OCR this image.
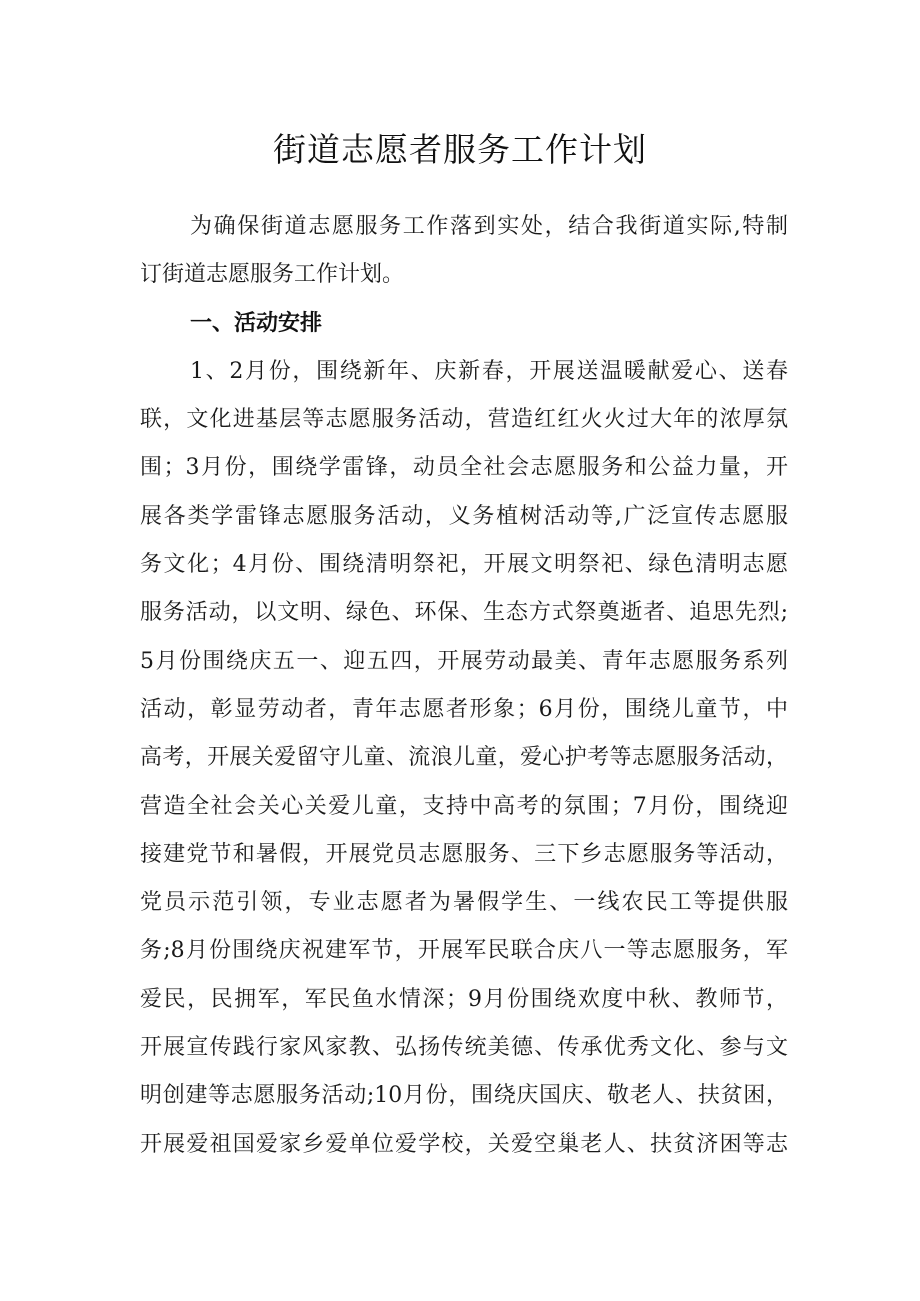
街道志愿者服务工作计划
为确保街道志愿服务工作落到实处，结合我街道实际,特制
订街道志愿服务工作计划。
一、活动安排
1、2月份，围绕新年、庆新春，开展送温暖献爱心、送春
联，文化进基层等志愿服务活动，营造红红火火过大年的浓厚氛
围；3月份，围绕学雷锋，动员全社会志愿服务和公益力量，开
展各类学雷锋志愿服务活动，义务植树活动等,广泛宣传志愿服
务文化；4月份、围绕清明祭祀，开展文明祭祀、绿色清明志愿
服务活动，以文明、绿色、环保、生态方式祭奠逝者、追思先烈;
5月份围绕庆五一、迎五四，开展劳动最美、青年志愿服务系列
活动，彰显劳动者，青年志愿者形象；6月份，围绕儿童节，中
高考，开展关爱留守儿童、流浪儿童，爱心护考等志愿服务活动，
营造全社会关心关爱儿童，支持中高考的氛围；7月份，围绕迎
接建党节和暑假，开展党员志愿服务、三下乡志愿服务等活动，
党员示范引领，专业志愿者为暑假学生、一线农民工等提供服
务;8月份围绕庆祝建军节，开展军民联合庆八一等志愿服务，军
爱民，民拥军，军民鱼水情深；9月份围绕欢度中秋、教师节，
开展宣传践行家风家教、弘扬传统美德、传承优秀文化、参与文
明创建等志愿服务活动;10月份，围绕庆国庆、敬老人、扶贫困，
开展爱祖国爱家乡爱单位爱学校，关爱空巢老人、扶贫济困等志
